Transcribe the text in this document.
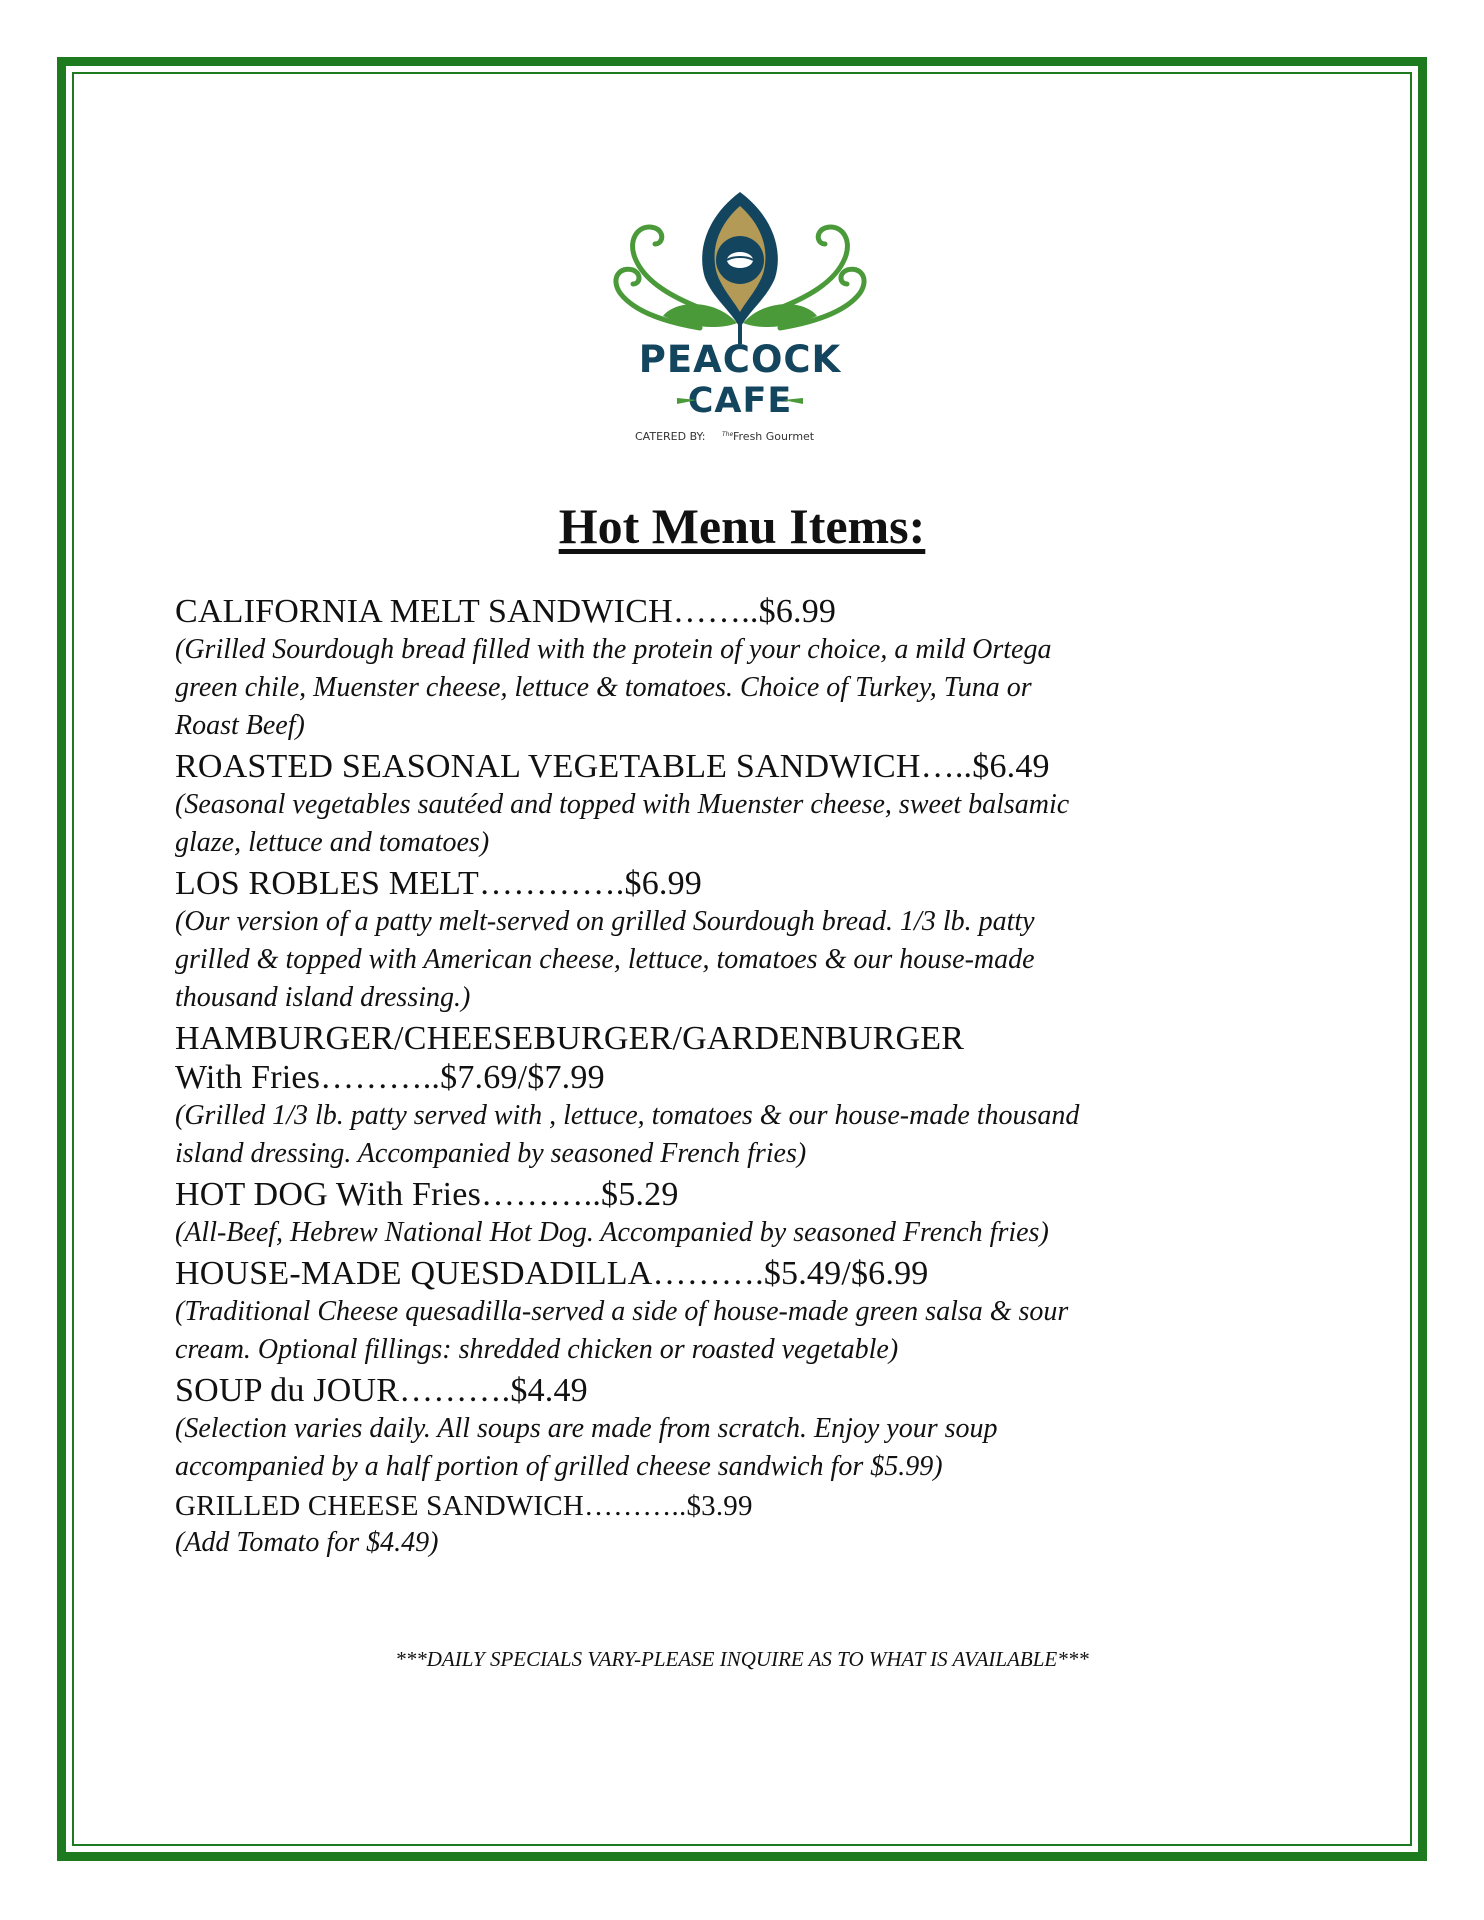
PEACOCK
CAFE
CATERED BY:	The Fresh Gourmet
Hot Menu Items:
CALIFORNIA MELT SANDWICH……..$6.99
(Grilled Sourdough bread filled with the protein of your choice, a mild Ortega
green chile, Muenster cheese, lettuce & tomatoes. Choice of Turkey, Tuna or
Roast Beef)
ROASTED SEASONAL VEGETABLE SANDWICH…..$6.49
(Seasonal vegetables sautéed and topped with Muenster cheese, sweet balsamic
glaze, lettuce and tomatoes)
LOS ROBLES MELT………….$6.99
(Our version of a patty melt-served on grilled Sourdough bread. 1/3 lb. patty
grilled & topped with American cheese, lettuce, tomatoes & our house-made
thousand island dressing.)
HAMBURGER/CHEESEBURGER/GARDENBURGER
With Fries………..$7.69/$7.99
(Grilled 1/3 lb. patty served with , lettuce, tomatoes & our house-made thousand
island dressing. Accompanied by seasoned French fries)
HOT DOG With Fries………..$5.29
(All-Beef, Hebrew National Hot Dog. Accompanied by seasoned French fries)
HOUSE-MADE QUESDADILLA……….$5.49/$6.99
(Traditional Cheese quesadilla-served a side of house-made green salsa & sour
cream. Optional fillings: shredded chicken or roasted vegetable)
SOUP du JOUR……….$4.49
(Selection varies daily. All soups are made from scratch. Enjoy your soup
accompanied by a half portion of grilled cheese sandwich for $5.99)
GRILLED CHEESE SANDWICH………..$3.99
(Add Tomato for $4.49)
***DAILY SPECIALS VARY-PLEASE INQUIRE AS TO WHAT IS AVAILABLE***
